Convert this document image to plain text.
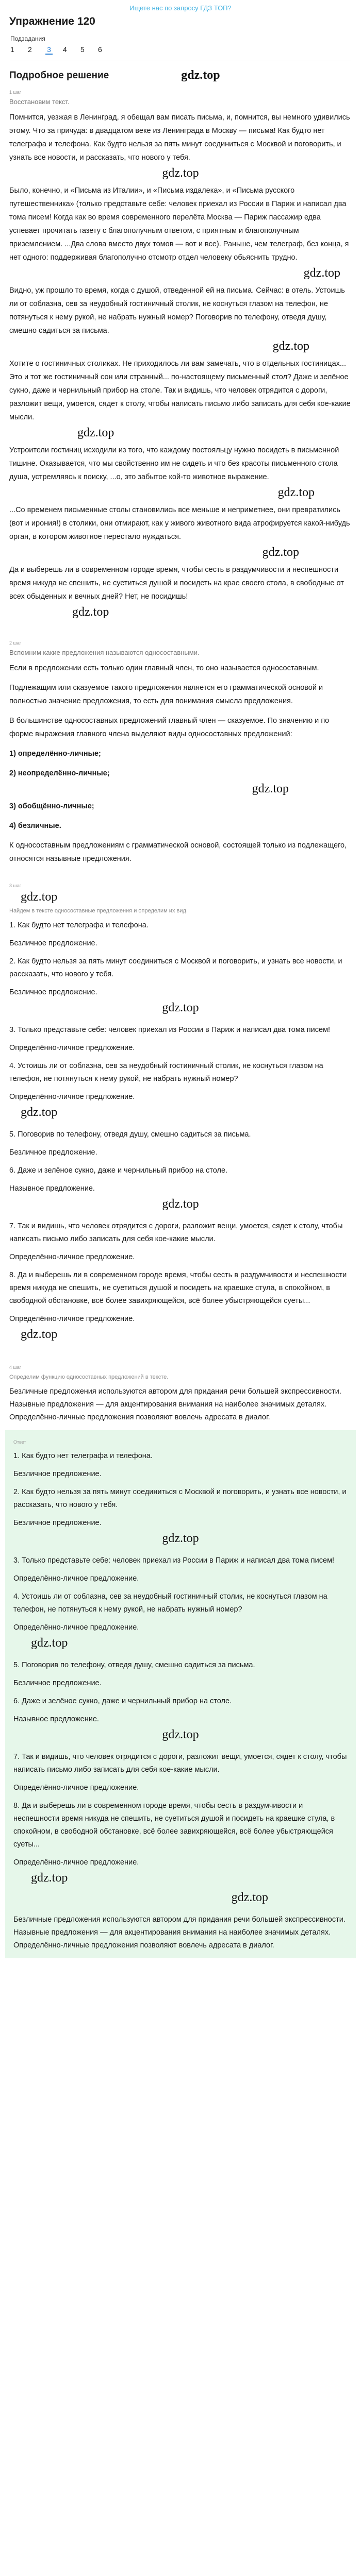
Ищете нас по запросу ГДЗ ТОП?
Упражнение 120
Подзадания
1	2	3 4	5	6
Подробное решение	gdz.top
1 шаг
Восстановим текст.

Помнится, уезжая в Ленинград, я обещал вам писать письма, и, помнится, вы немного удивились этому. Что за причуда: в двадцатом веке из Ленинграда в Москву — письма! Как будто нет телеграфа и телефона. Как будто нельзя за пять минут соединиться с Москвой и поговорить, и узнать все новости, и рассказать, что нового у тебя.

gdz.top

Было, конечно, и «Письма из Италии», и «Письма издалека», и «Письма русского путешественника» (только представьте себе: человек приехал из России в Париж и написал два тома писем! Когда как во время современного перелёта Москва — Париж пассажир едва успевает прочитать газету с благополучным ответом, с приятным и благополучным приземлением. ...Два слова вместо двух томов — вот и все). Раньше, чем телеграф, без конца, я нет одного: поддерживая благополучно отсмотр отдел человеку обьяснить трудно.

gdz.top

Видно, уж прошло то время, когда с душой, отведенной ей на письма. Сейчас: в отель. Устоишь ли от соблазна, сев за неудобный гостиничный столик, не коснуться глазом на телефон, не потянуться к нему рукой, не набрать нужный номер? Поговорив по телефону, отведя душу, смешно садиться за письма.

gdz.top

Хотите о гостиничных столиках. Не приходилось ли вам замечать, что в отдельных гостиницах... Это и тот же гостиничный сон или странный... по-настоящему письменный стол? Даже и зелёное сукно, даже и чернильный прибор на столе. Так и видишь, что человек отрядится с дороги, разложит вещи, умоется, сядет к столу, чтобы написать письмо либо записать для себя кое-какие мысли.

gdz.top

Устроители гостиниц исходили из того, что каждому постояльцу нужно посидеть в письменной тишине. Оказывается, что мы свойственно им не сидеть и что без красоты письменного стола душа, устремляясь к поиску, ...о, это забытое кой-то животное выражение.

gdz.top

...Со временем письменные столы становились все меньше и неприметнее, они превратились (вот и ирония!) в столики, они отмирают, как у живого животного вида атрофируется какой-нибудь орган, в котором животное перестало нуждаться.

gdz.top

Да и выберешь ли в современном городе время, чтобы сесть в раздумчивости и неспешности время никуда не спешить, не суетиться душой и посидеть на крае своего стола, в свободные от всех обыденных и вечных дней? Нет, не посидишь!

gdz.top
2 шаг
Вспомним какие предложения называются односоставными.

Если в предложении есть только один главный член, то оно называется односоставным.

Подлежащим или сказуемое такого предложения является его грамматической основой и полностью значение предложения, то есть для понимания смысла предложения.

В большинстве односоставных предложений главный член — сказуемое. По значению и по форме выражения главного члена выделяют виды односоставных предложений:

1) определённо-личные;

2) неопределённо-личные;

gdz.top

3) обобщённо-личные;

4) безличные.

К односоставным предложениям с грамматической основой, состоящей только из подлежащего, относятся назывные предложения.

3 шаг
gdz.top
Найдем в тексте односоставные предложения и определим их вид.

1. Как будто нет телеграфа и телефона.

Безличное предложение.

2. Как будто нельзя за пять минут соединиться с Москвой и поговорить, и узнать все новости, и рассказать, что нового у тебя.

Безличное предложение.

gdz.top

3. Только представьте себе: человек приехал из России в Париж и написал два тома писем!

Определённо-личное предложение.

4. Устоишь ли от соблазна, сев за неудобный гостиничный столик, не коснуться глазом на телефон, не потянуться к нему рукой, не набрать нужный номер?

Определённо-личное предложение.

gdz.top

5. Поговорив по телефону, отведя душу, смешно садиться за письма.

Безличное предложение.

6. Даже и зелёное сукно, даже и чернильный прибор на столе.

Назывное предложение.

gdz.top

7. Так и видишь, что человек отрядится с дороги, разложит вещи, умоется, сядет к столу, чтобы написать письмо либо записать для себя кое-какие мысли.

Определённо-личное предложение.

8. Да и выберешь ли в современном городе время, чтобы сесть в раздумчивости и неспешности время никуда не спешить, не суетиться душой и посидеть на краешке стула, в спокойном, в свободной обстановке, всё более завихряющейся, всё более убыстряющейся суеты...

Определённо-личное предложение.

gdz.top
4 шаг
Определим функцию односоставных предложений в тексте.

Безличные предложения используются автором для придания речи большей экспрессивности. Назывные предложения — для акцентирования внимания на наиболее значимых деталях. Определённо-личные предложения позволяют вовлечь адресата в диалог.

Ответ

1. Как будто нет телеграфа и телефона.

Безличное предложение.

2. Как будто нельзя за пять минут соединиться с Москвой и поговорить, и узнать все новости, и рассказать, что нового у тебя.

Безличное предложение.

gdz.top

3. Только представьте себе: человек приехал из России в Париж и написал два тома писем!

Определённо-личное предложение.

4. Устоишь ли от соблазна, сев за неудобный гостиничный столик, не коснуться глазом на телефон, не потянуться к нему рукой, не набрать нужный номер?

Определённо-личное предложение.

gdz.top

5. Поговорив по телефону, отведя душу, смешно садиться за письма.

Безличное предложение.

6. Даже и зелёное сукно, даже и чернильный прибор на столе.

Назывное предложение.

gdz.top

7. Так и видишь, что человек отрядится с дороги, разложит вещи, умоется, сядет к столу, чтобы написать письмо либо записать для себя кое-какие мысли.

Определённо-личное предложение.

8. Да и выберешь ли в современном городе время, чтобы сесть в раздумчивости и неспешности время никуда не спешить, не суетиться душой и посидеть на краешке стула, в спокойном, в свободной обстановке, всё более завихряющейся, всё более убыстряющейся суеты...

Определённо-личное предложение.

gdz.top
gdz.top

Безличные предложения используются автором для придания речи большей экспрессивности. Назывные предложения — для акцентирования внимания на наиболее значимых деталях. Определённо-личные предложения позволяют вовлечь адресата в диалог.
